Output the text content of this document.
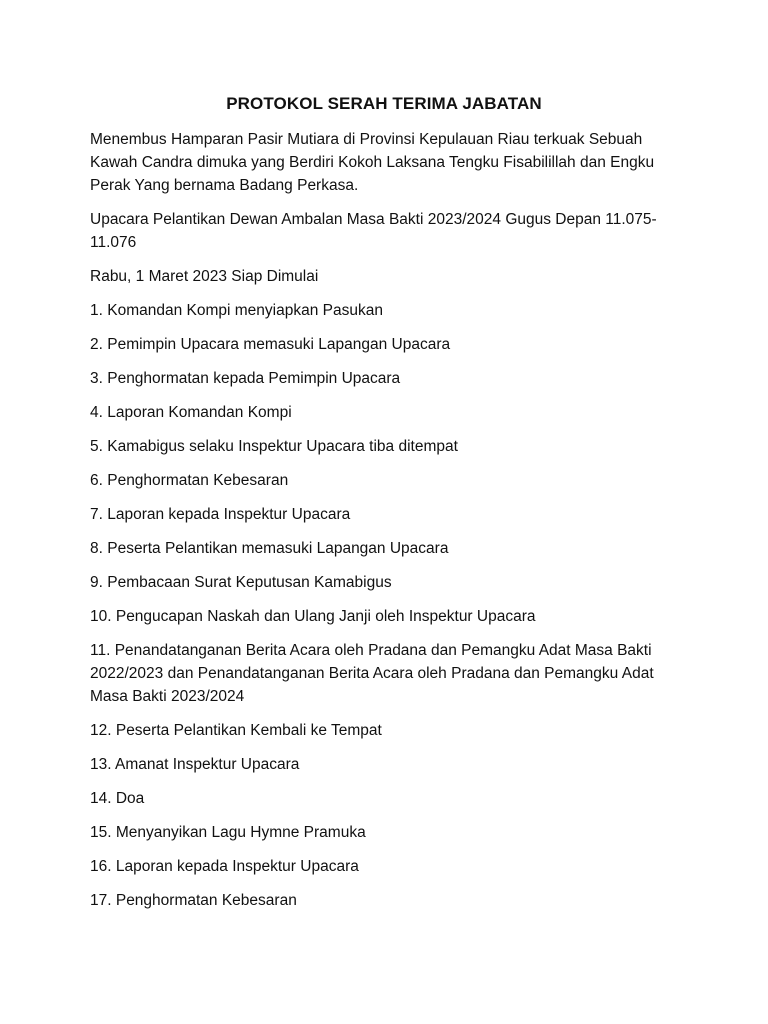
PROTOKOL SERAH TERIMA JABATAN

Menembus Hamparan Pasir Mutiara di Provinsi Kepulauan Riau terkuak Sebuah Kawah Candra dimuka yang Berdiri Kokoh Laksana Tengku Fisabilillah dan Engku Perak Yang bernama Badang Perkasa.

Upacara Pelantikan Dewan Ambalan Masa Bakti 2023/2024 Gugus Depan 11.075-11.076

Rabu, 1 Maret 2023 Siap Dimulai

1. Komandan Kompi menyiapkan Pasukan
2. Pemimpin Upacara memasuki Lapangan Upacara
3. Penghormatan kepada Pemimpin Upacara
4. Laporan Komandan Kompi
5. Kamabigus selaku Inspektur Upacara tiba ditempat
6. Penghormatan Kebesaran
7. Laporan kepada Inspektur Upacara
8. Peserta Pelantikan memasuki Lapangan Upacara
9. Pembacaan Surat Keputusan Kamabigus
10. Pengucapan Naskah dan Ulang Janji oleh Inspektur Upacara
11. Penandatanganan Berita Acara oleh Pradana dan Pemangku Adat Masa Bakti 2022/2023 dan Penandatanganan Berita Acara oleh Pradana dan Pemangku Adat Masa Bakti 2023/2024
12. Peserta Pelantikan Kembali ke Tempat
13. Amanat Inspektur Upacara
14. Doa
15. Menyanyikan Lagu Hymne Pramuka
16. Laporan kepada Inspektur Upacara
17. Penghormatan Kebesaran
